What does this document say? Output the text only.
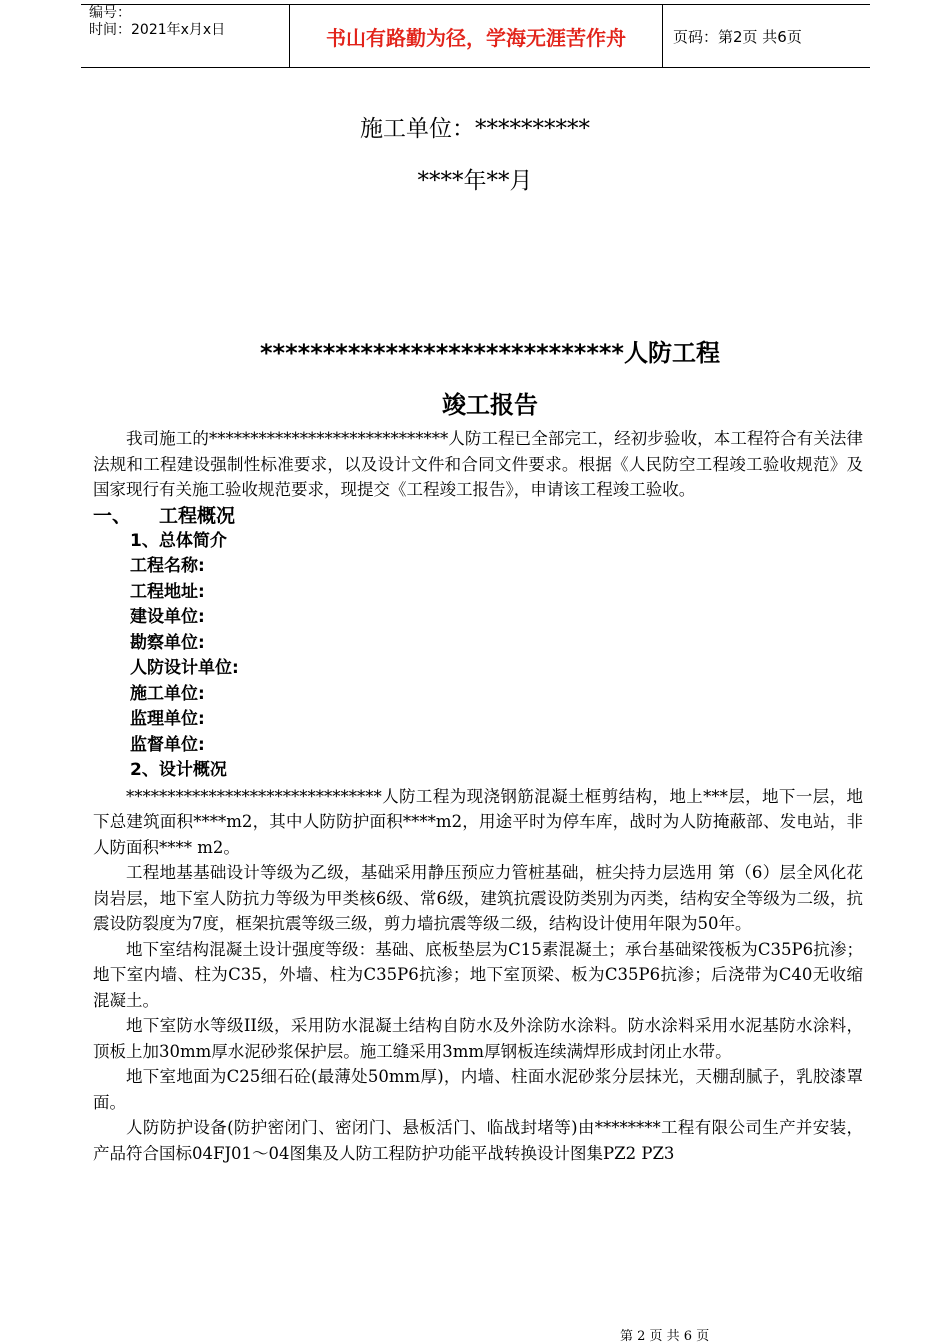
编号：
时间：2021年x月x日	书山有路勤为径，学海无涯苦作舟	页码：第2页 共6页
施工单位：**********
****年**月
*****************************人防工程
竣工报告

我司施工的*****************************人防工程已全部完工，经初步验收，本工程符合有关法律法规和工程建设强制性标准要求，以及设计文件和合同文件要求。根据《人民防空工程竣工验收规范》及国家现行有关施工验收规范要求，现提交《工程竣工报告》，申请该工程竣工验收。

一、 工程概况
1、总体简介
工程名称:
工程地址:
建设单位:
勘察单位:
人防设计单位:
施工单位:
监理单位:
监督单位:
2、设计概况

*******************************人防工程为现浇钢筋混凝土框剪结构，地上***层，地下一层，地下总建筑面积****m2，其中人防防护面积****m2，用途平时为停车库，战时为人防掩蔽部、发电站，非人防面积**** m2。

工程地基基础设计等级为乙级，基础采用静压预应力管桩基础，桩尖持力层选用 第（6）层全风化花岗岩层，地下室人防抗力等级为甲类核6级、常6级，建筑抗震设防类别为丙类，结构安全等级为二级，抗震设防裂度为7度，框架抗震等级三级，剪力墙抗震等级二级，结构设计使用年限为50年。

地下室结构混凝土设计强度等级：基础、底板垫层为C15素混凝土；承台基础梁筏板为C35P6抗渗；地下室内墙、柱为C35，外墙、柱为C35P6抗渗；地下室顶梁、板为C35P6抗渗；后浇带为C40无收缩混凝土。

地下室防水等级II级，采用防水混凝土结构自防水及外涂防水涂料。防水涂料采用水泥基防水涂料，顶板上加30mm厚水泥砂浆保护层。施工缝采用3mm厚钢板连续满焊形成封闭止水带。

地下室地面为C25细石砼(最薄处50mm厚)，内墙、柱面水泥砂浆分层抹光，天棚刮腻子，乳胶漆罩面。

人防防护设备(防护密闭门、密闭门、悬板活门、临战封堵等)由********工程有限公司生产并安装，产品符合国标04FJ01～04图集及人防工程防护功能平战转换设计图集PZ2 PZ3

第 2 页 共 6 页
